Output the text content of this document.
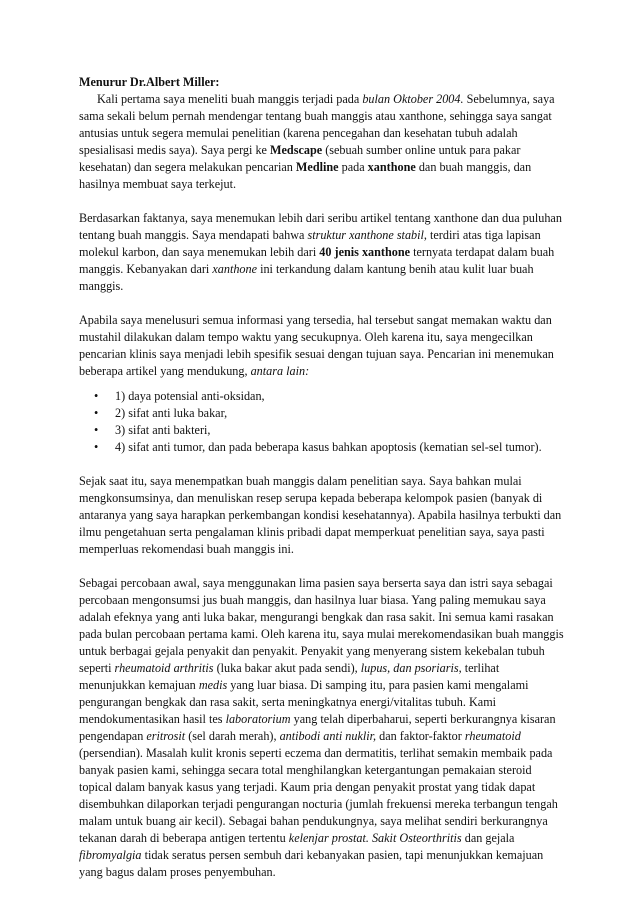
Menurur Dr.Albert Miller:

Kali pertama saya meneliti buah manggis terjadi pada bulan Oktober 2004. Sebelumnya, saya sama sekali belum pernah mendengar tentang buah manggis atau xanthone, sehingga saya sangat antusias untuk segera memulai penelitian (karena pencegahan dan kesehatan tubuh adalah spesialisasi medis saya). Saya pergi ke Medscape (sebuah sumber online untuk para pakar kesehatan) dan segera melakukan pencarian Medline pada xanthone dan buah manggis, dan hasilnya membuat saya terkejut.

Berdasarkan faktanya, saya menemukan lebih dari seribu artikel tentang xanthone dan dua puluhan tentang buah manggis. Saya mendapati bahwa struktur xanthone stabil, terdiri atas tiga lapisan molekul karbon, dan saya menemukan lebih dari 40 jenis xanthone ternyata terdapat dalam buah manggis. Kebanyakan dari xanthone ini terkandung dalam kantung benih atau kulit luar buah manggis.

Apabila saya menelusuri semua informasi yang tersedia, hal tersebut sangat memakan waktu dan mustahil dilakukan dalam tempo waktu yang secukupnya. Oleh karena itu, saya mengecilkan pencarian klinis saya menjadi lebih spesifik sesuai dengan tujuan saya. Pencarian ini menemukan beberapa artikel yang mendukung, antara lain:

• 1) daya potensial anti-oksidan,
• 2) sifat anti luka bakar,
• 3) sifat anti bakteri,
• 4) sifat anti tumor, dan pada beberapa kasus bahkan apoptosis (kematian sel-sel tumor).

Sejak saat itu, saya menempatkan buah manggis dalam penelitian saya. Saya bahkan mulai mengkonsumsinya, dan menuliskan resep serupa kepada beberapa kelompok pasien (banyak di antaranya yang saya harapkan perkembangan kondisi kesehatannya). Apabila hasilnya terbukti dan ilmu pengetahuan serta pengalaman klinis pribadi dapat memperkuat penelitian saya, saya pasti memperluas rekomendasi buah manggis ini.

Sebagai percobaan awal, saya menggunakan lima pasien saya berserta saya dan istri saya sebagai percobaan mengonsumsi jus buah manggis, dan hasilnya luar biasa. Yang paling memukau saya adalah efeknya yang anti luka bakar, mengurangi bengkak dan rasa sakit. Ini semua kami rasakan pada bulan percobaan pertama kami. Oleh karena itu, saya mulai merekomendasikan buah manggis untuk berbagai gejala penyakit dan penyakit. Penyakit yang menyerang sistem kekebalan tubuh seperti rheumatoid arthritis (luka bakar akut pada sendi), lupus, dan psoriaris, terlihat menunjukkan kemajuan medis yang luar biasa. Di samping itu, para pasien kami mengalami pengurangan bengkak dan rasa sakit, serta meningkatnya energi/vitalitas tubuh. Kami mendokumentasikan hasil tes laboratorium yang telah diperbaharui, seperti berkurangnya kisaran pengendapan eritrosit (sel darah merah), antibodi anti nuklir, dan faktor-faktor rheumatoid (persendian). Masalah kulit kronis seperti eczema dan dermatitis, terlihat semakin membaik pada banyak pasien kami, sehingga secara total menghilangkan ketergantungan pemakaian steroid topical dalam banyak kasus yang terjadi. Kaum pria dengan penyakit prostat yang tidak dapat disembuhkan dilaporkan terjadi pengurangan nocturia (jumlah frekuensi mereka terbangun tengah malam untuk buang air kecil). Sebagai bahan pendukungnya, saya melihat sendiri berkurangnya tekanan darah di beberapa antigen tertentu kelenjar prostat. Sakit Osteorthritis dan gejala fibromyalgia tidak seratus persen sembuh dari kebanyakan pasien, tapi menunjukkan kemajuan yang bagus dalam proses penyembuhan.
